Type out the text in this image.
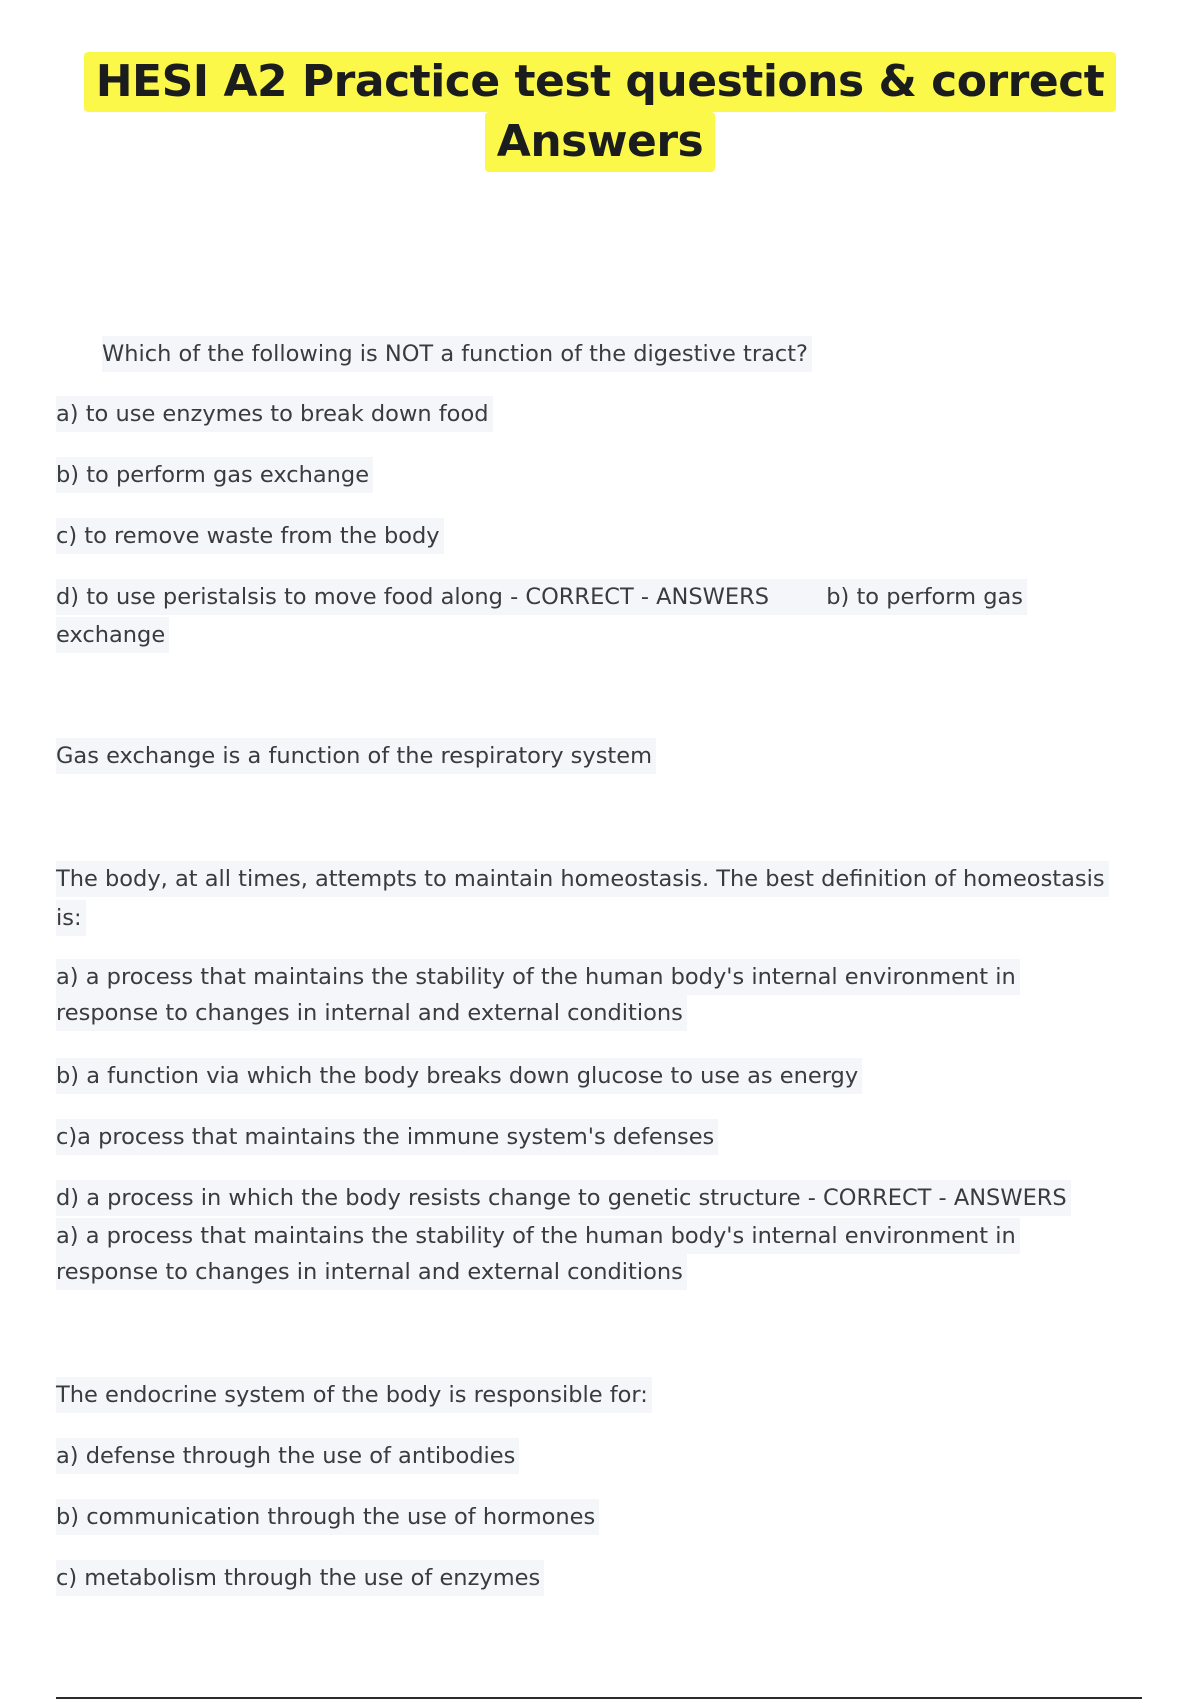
HESI A2 Practice test questions & correct
Answers
Which of the following is NOT a function of the digestive tract?
a) to use enzymes to break down food
b) to perform gas exchange
c) to remove waste from the body
d) to use peristalsis to move food along - CORRECT - ANSWERS        b) to perform gas
exchange
Gas exchange is a function of the respiratory system
The body, at all times, attempts to maintain homeostasis. The best definition of homeostasis
is:
a) a process that maintains the stability of the human body's internal environment in
response to changes in internal and external conditions
b) a function via which the body breaks down glucose to use as energy
c)a process that maintains the immune system's defenses
d) a process in which the body resists change to genetic structure - CORRECT - ANSWERS
a) a process that maintains the stability of the human body's internal environment in
response to changes in internal and external conditions
The endocrine system of the body is responsible for:
a) defense through the use of antibodies
b) communication through the use of hormones
c) metabolism through the use of enzymes
